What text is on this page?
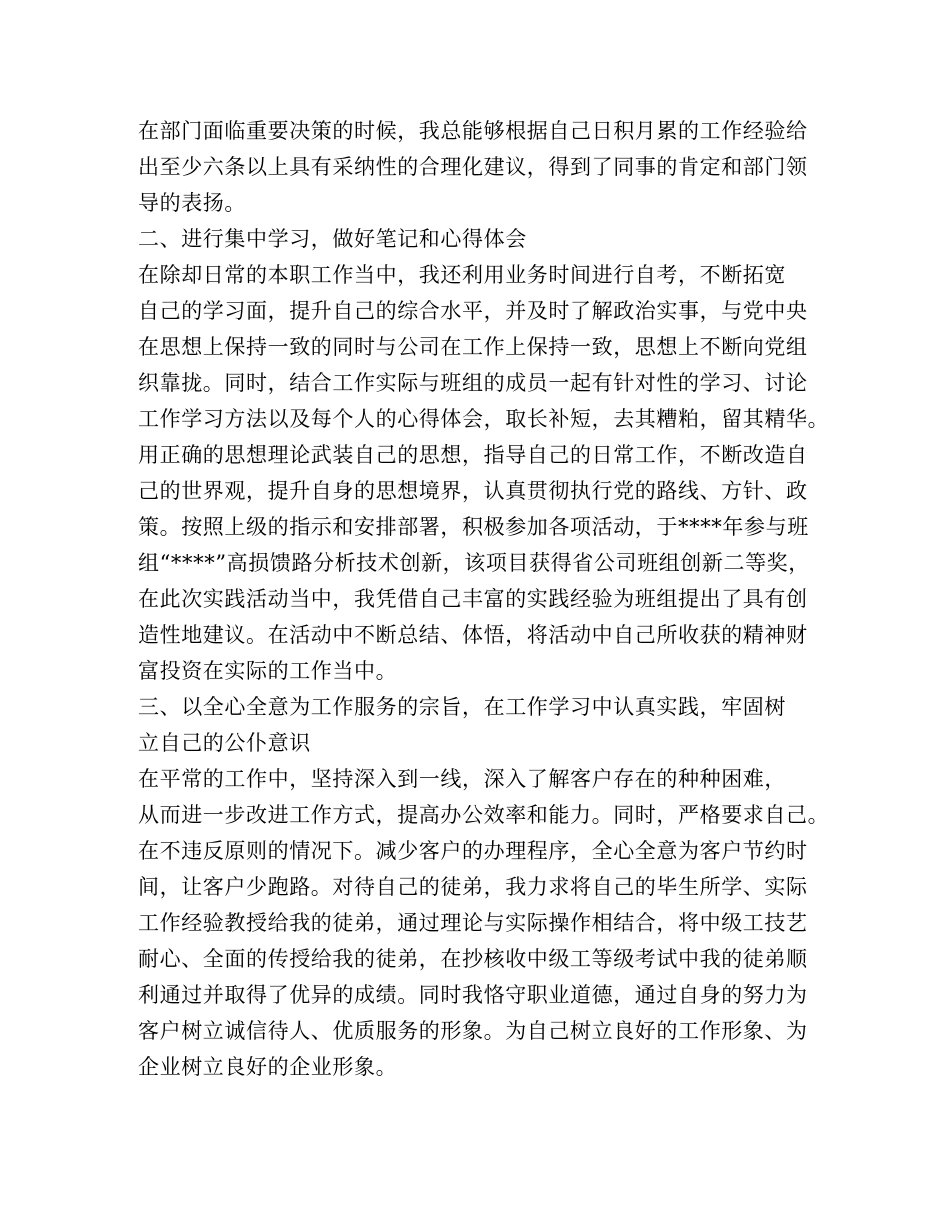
在部门面临重要决策的时候，我总能够根据自己日积月累的工作经验给
出至少六条以上具有采纳性的合理化建议，得到了同事的肯定和部门领
导的表扬。
二、进行集中学习，做好笔记和心得体会
在除却日常的本职工作当中，我还利用业务时间进行自考，不断拓宽
自己的学习面，提升自己的综合水平，并及时了解政治实事，与党中央
在思想上保持一致的同时与公司在工作上保持一致，思想上不断向党组
织靠拢。同时，结合工作实际与班组的成员一起有针对性的学习、讨论
工作学习方法以及每个人的心得体会，取长补短，去其糟粕，留其精华。
用正确的思想理论武装自己的思想，指导自己的日常工作，不断改造自
己的世界观，提升自身的思想境界，认真贯彻执行党的路线、方针、政
策。按照上级的指示和安排部署，积极参加各项活动，于****年参与班
组“****”高损馈路分析技术创新，该项目获得省公司班组创新二等奖，
在此次实践活动当中，我凭借自己丰富的实践经验为班组提出了具有创
造性地建议。在活动中不断总结、体悟，将活动中自己所收获的精神财
富投资在实际的工作当中。
三、以全心全意为工作服务的宗旨，在工作学习中认真实践，牢固树
立自己的公仆意识
在平常的工作中，坚持深入到一线，深入了解客户存在的种种困难，
从而进一步改进工作方式，提高办公效率和能力。同时，严格要求自己。
在不违反原则的情况下。减少客户的办理程序，全心全意为客户节约时
间，让客户少跑路。对待自己的徒弟，我力求将自己的毕生所学、实际
工作经验教授给我的徒弟，通过理论与实际操作相结合，将中级工技艺
耐心、全面的传授给我的徒弟，在抄核收中级工等级考试中我的徒弟顺
利通过并取得了优异的成绩。同时我恪守职业道德，通过自身的努力为
客户树立诚信待人、优质服务的形象。为自己树立良好的工作形象、为
企业树立良好的企业形象。
